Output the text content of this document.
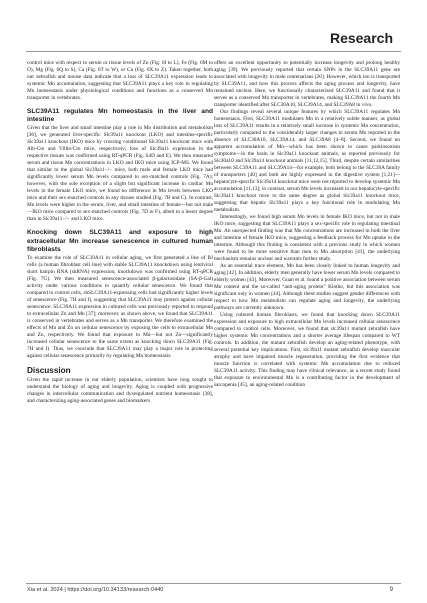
Research

control mice with respect to serum or tissue levels of Zn (Fig. 6I to L), Fe (Fig. 6M to O), Mg (Fig. 6Q to S), Ca (Fig. 6T to W), or Cu (Fig. 6X to Z). Taken together, both our zebrafish and mouse data indicate that a loss of SLC39A11 expression leads to systemic Mn accumulation, suggesting that SLC39A11 plays a key role in regulating Mn homeostasis under physiological conditions and functions as a conserved Mn transporter in vertebrates.

SLC39A11 regulates Mn homeostasis in the liver and intestine

Given that the liver and small intestine play a role in Mn distribution and metabolism [36], we generated liver-specific Slc39a11 knockout (LKO) and intestine-specific Slc39a11 knockout (IKO) mice by crossing conditional Slc39a11 knockout mice with Alb-Cre and Villin-Cre mice, respectively; loss of Slc39a11 expression in the respective tissues was confirmed using RT-qPCR (Fig. S4D and E). We then measured serum and tissue Mn concentrations in LKO and IKO mice using ICP-MS. We found that similar to the global Slc39a11−/− mice, both male and female LKO mice had significantly lower serum Mn levels compared to sex-matched controls (Fig. 7A); however, with the sole exception of a slight but significant increase in cardiac Mn levels in the female LKO mice, we found no difference in Mn levels between LKO mice and their sex-matched controls in any tissues studied (Fig. 7B and C). In contrast, Mn levels were higher in the serum, liver, and small intestine of female—but not male—IKO mice compared to sex-matched controls (Fig. 7D to F), albeit to a lesser degree than in Slc39a11−/− and LKO mice.

Knocking down SLC39A11 and exposure to high extracellular Mn increase senescence in cultured human fibroblasts

To examine the role of SLC39A11 in cellular aging, we first generated a line of BJ cells (a human fibroblast cell line) with stable SLC39A11 knockdown using lentiviral short hairpin RNA (shRNA) expression; knockdown was confirmed using RT-qPCR (Fig. 7G). We then measured senescence-associated β-galactosidase (SA-β-Gal) activity under various conditions to quantify cellular senescence. We found that compared to control cells, shSLC39A11-expressing cells had significantly higher levels of senescence (Fig. 7H and I), suggesting that SLC39A11 may protect against cellular senescence. SLC39A11 expression in cultured cells was previously reported to respond to extracellular Zn and Mn [37]; moreover, as shown above, we found that SLC39A11 is conserved in vertebrates and serves as a Mn transporter. We therefore examined the effects of Mn and Zn on cellular senescence by exposing the cells to extracellular Mn and Zn, respectively. We found that exposure to Mn—but not Zn—significantly increased cellular senescence to the same extent as knocking down SLC39A11 (Fig. 7H and I). Thus, we conclude that SLC39A11 may play a major role in protecting against cellular senescence primarily by regulating Mn homeostasis.

Discussion

Given the rapid increase in our elderly population, scientists have long sought to understand the biology of aging and longevity. Aging is coupled with progressive changes in intercellular communication and dysregulated nutrient homeostasis [38], and characterizing aging-associated genes and biomarkers

offers an excellent opportunity to potentially increase longevity and prolong healthy aging [39]. We previously reported that certain SNPs in the SLC39A11 gene are associated with longevity in male centenarians [20]. However, which ion is transported by SLC39A11, and how this process affects the aging process and longevity, have remained unclear. Here, we functionally characterized SLC39A11 and found that it serves as a conserved Mn transporter in vertebrates, making SLC39A11 the fourth Mn transporter identified after SLC30A10, SLC39A14, and SLC39A8 in vivo.

Our findings reveal several unique features by which SLC39A11 regulates Mn homeostasis. First, SLC39A11 modulates Mn in a relatively subtle manner, as global loss of SLC39A11 results in a relatively small increase in systemic Mn concentration, particularly compared to the considerably larger changes in serum Mn reported in the absence of SLC30A10, SLC39A14, and SLC39A8 [4–8]. Second, we found no apparent accumulation of Mn—which has been shown to cause parkinsonism symptoms—in the brain in Slc39a11 knockout animals, as reported previously for Slc30a10 and Slc39a14 knockout animals [11,12,15]. Third, despite certain similarities between SLC39A11 and SLC39A14—for example, both belong to the SLC39A family of transporters [40] and both are highly expressed in the digestive system [1,21]—hepatocyte-specific Slc39a14 knockout mice were not reported to develop systemic Mn accumulation [11,13]; in contrast, serum Mn levels increased in our hepatocyte-specific Slc39a11 knockout mice to the same degree as global Slc39a11 knockout mice, suggesting that hepatic Slc39a11 plays a key functional role in modulating Mn metabolism.

Interestingly, we found high serum Mn levels in female IKO mice, but not in male IKO mice, suggesting that SLC39A11 plays a sex-specific role in regulating intestinal Mn. An unexpected finding was that Mn concentrations are increased in both the liver and intestine of female IKO mice, suggesting a feedback process for Mn uptake in the intestine. Although this finding is consistent with a previous study in which women were found to be more sensitive than men to Mn absorption [41], the underlying mechanism remains unclear and warrants further study.

As an essential trace element, Mn has been closely linked to human longevity and aging [42]. In addition, elderly men generally have lower serum Mn levels compared to elderly women [43]. Moreover, Guan et al. found a positive association between serum Mn content and the so-called “anti-aging protein” Klotho, but this association was significant only in women [44]. Although these studies suggest gender differences with respect to how Mn metabolism can regulate aging and longevity, the underlying pathways are currently unknown.

Using cultured human fibroblasts, we found that knocking down SLC39A11 expression and exposure to high extracellular Mn levels increased cellular senescence compared to control cells. Moreover, we found that slc39a11 mutant zebrafish have higher systemic Mn concentrations and a shorter average lifespan compared to WT controls. In addition, the mutant zebrafish develop an aging-related phenotype, with several potential key implications. First, slc39a11 mutant zebrafish develop muscular atrophy and have impaired muscle regeneration, providing the first evidence that muscle function is correlated with systemic Mn accumulation due to reduced SLC39A11 activity. This finding may have clinical relevance, as a recent study found that exposure to environmental Mn is a contributing factor in the development of sarcopenia [45], an aging-related condition

Xia et al. 2024 | https://doi.org/10.34133/research.0440	9
